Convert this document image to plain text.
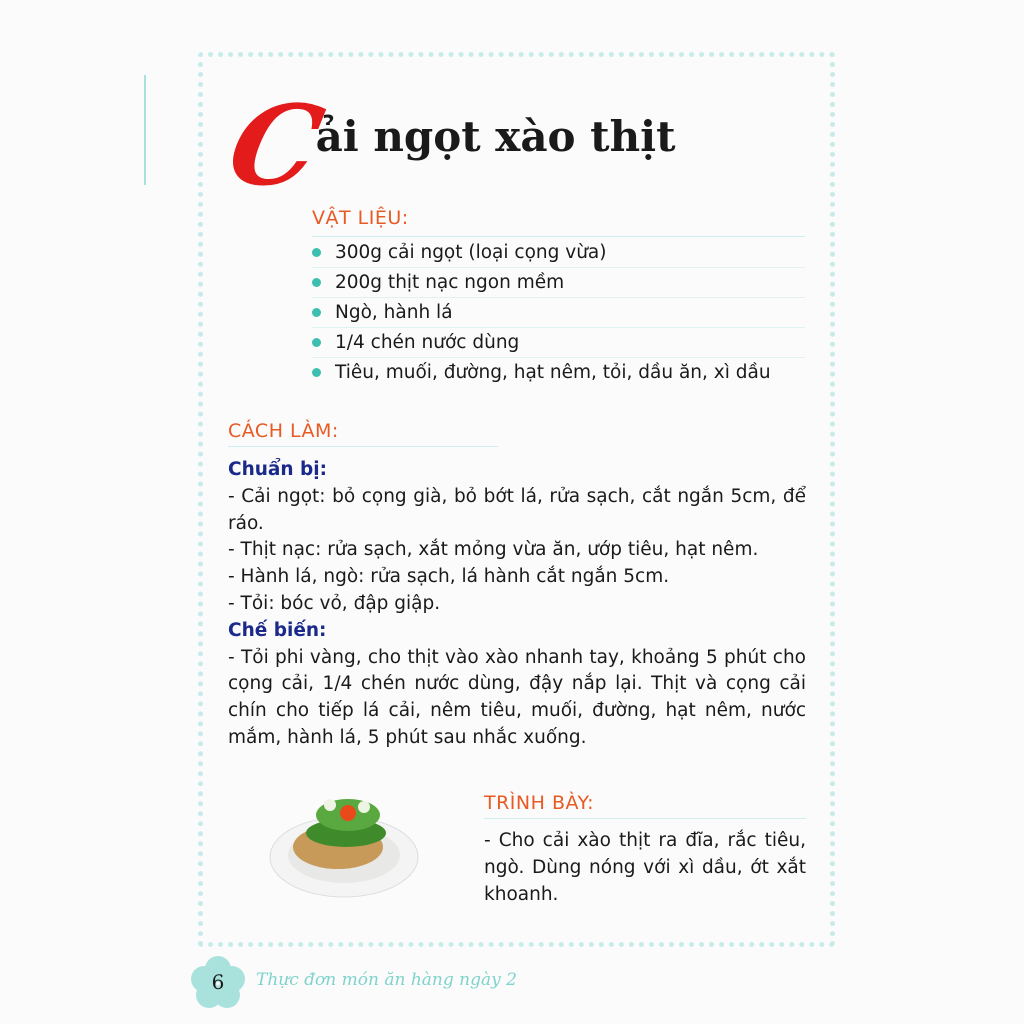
C
ải ngọt xào thịt
VẬT LIỆU:
300g cải ngọt (loại cọng vừa)
200g thịt nạc ngon mềm
Ngò, hành lá
1/4 chén nước dùng
Tiêu, muối, đường, hạt nêm, tỏi, dầu ăn, xì dầu
CÁCH LÀM:
Chuẩn bị:
- Cải ngọt: bỏ cọng già, bỏ bớt lá, rửa sạch, cắt ngắn 5cm, để ráo.
- Thịt nạc: rửa sạch, xắt mỏng vừa ăn, ướp tiêu, hạt nêm.
- Hành lá, ngò: rửa sạch, lá hành cắt ngắn 5cm.
- Tỏi: bóc vỏ, đập giập.
Chế biến:
- Tỏi phi vàng, cho thịt vào xào nhanh tay, khoảng 5 phút cho cọng cải, 1/4 chén nước dùng, đậy nắp lại. Thịt và cọng cải chín cho tiếp lá cải, nêm tiêu, muối, đường, hạt nêm, nước mắm, hành lá, 5 phút sau nhắc xuống.
TRÌNH BÀY:
- Cho cải xào thịt ra đĩa, rắc tiêu, ngò. Dùng nóng với xì dầu, ớt xắt khoanh.
6	Thực đơn món ăn hàng ngày 2
